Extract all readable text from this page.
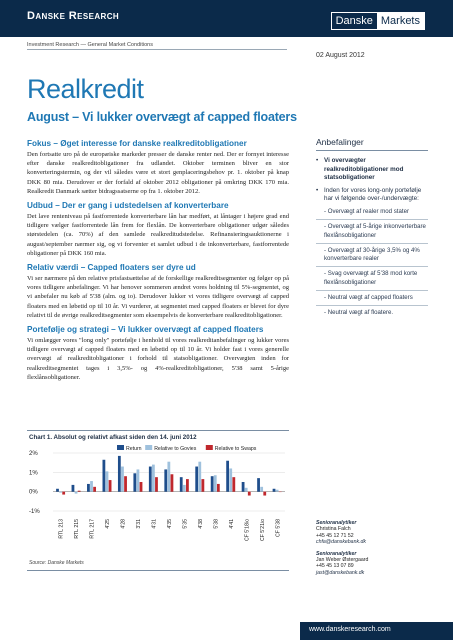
Danske Research	Danske Markets
Investment Research — General Market Conditions
02 August 2012
Realkredit
August – Vi lukker overvægt af capped floaters
Fokus – Øget interesse for danske realkreditobligationer

Den fortsatte uro på de europæiske markeder presser de danske renter ned. Der er fornyet interesse efter danske realkreditobligationer fra udlandet. Oktober terminen bliver en stor konverteringstermin, og der vil således være et stort genplaceringsbehov pr. 1. oktober på knap DKK 80 mia. Derudover er der forfald af oktober 2012 obligationer på omkring DKK 170 mia. Realkredit Danmark sætter bidragssatserne op fra 1. oktober 2012.

Udbud – Der er gang i udstedelsen af konverterbare

Det lave renteniveau på fastforrentede konverterbare lån har medført, at låntager i højere grad end tidligere vælger fastforrentede lån frem for flexlån. De konverterbare obligationer udgør således størstedelen (ca. 70%) af den samlede realkreditudstedelse. Refinansieringsauktionerne i august/september nærmer sig, og vi forventer et samlet udbud i de inkonverterbare, fastforrentede obligationer på DKK 160 mia.

Relativ værdi – Capped floaters ser dyre ud

Vi ser nærmere på den relative prisfastsættelse af de forskellige realkreditsegmenter og følger op på vores tidligere anbefalinger. Vi har henover sommeren ændret vores holdning til 5%-segmentet, og vi anbefaler nu køb af 5'38 (alm. og io). Derudover lukker vi vores tidligere overvægt af capped floaters med en løbetid op til 10 år. Vi vurderer, at segmentet med capped floaters er blevet for dyre relativt til de øvrige realkreditsegmenter som eksempelvis de konverterbare realkreditobligationer.

Portefølje og strategi – Vi lukker overvægt af capped floaters

Vi omlægger vores "long only" portefølje i henhold til vores realkreditanbefalinger og lukker vores tidligere overvægt af capped floaters med en løbetid op til 10 år. Vi holder fast i vores generelle overvægt af realkreditobligationer i forhold til statsobligationer. Overvægten inden for realkreditsegmentet tages i 3,5%- og 4%-realkreditobligationer, 5'38 samt 5-årige flexlånsobligationer.

Anbefalinger
• Vi overvægter realkreditobligationer mod statsobligationer
• Inden for vores long-only portefølje har vi følgende over-/undervægte:
- Overvægt af realer mod stater
- Overvægt af 5-årige inkonverterbare flexlånsobligationer
- Overvægt af 30-årige 3,5% og 4% konverterbare realer
- Svag overvægt af 5'38 mod korte flexlånsobligationer
- Neutral vægt af capped floaters
- Neutral vægt af floatere.
Chart 1. Absolut og relativt afkast siden den 14. juni 2012
2%
1%
0%
-1%
Return Relative to Govies	Relative to Swaps
RTL 213 RTL 215 RTL 217 4'25 4'28 3'31 4'31 4'35 5'35 4'38 5'38 4'41 CF 5'18io CF 5'21io CF 5'38
Source: Danske Markets
Senioranalytiker
Christina Falch
+45 45 12 71 52
chfa@danskebank.dk
Senioranalytiker
Jan Weber Østergaard
+45 45 13 07 89
jast@danskebank.dk
www.danskeresearch.com
